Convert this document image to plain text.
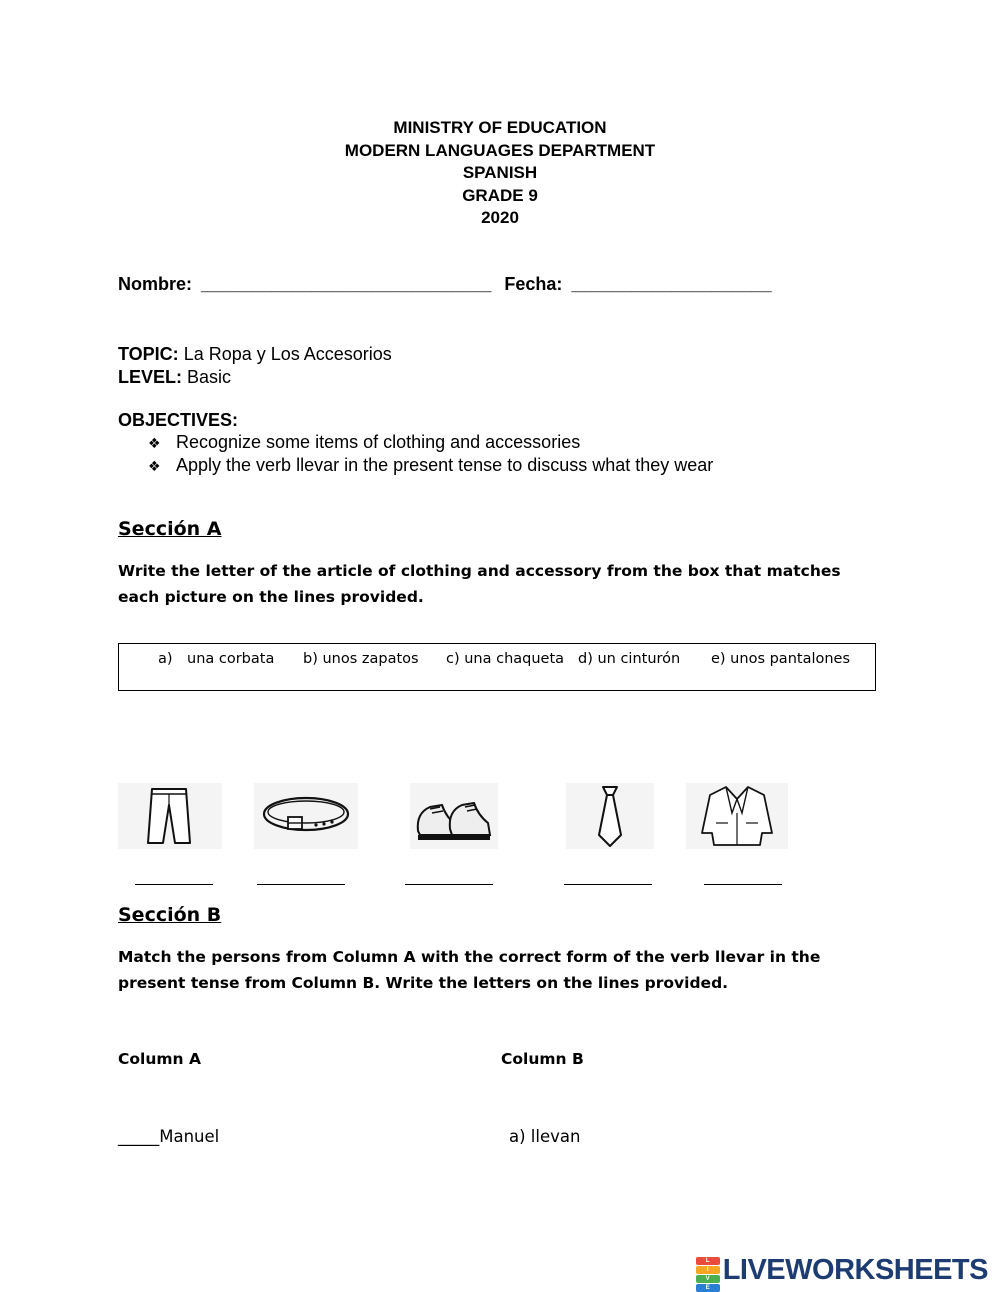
MINISTRY OF EDUCATION
MODERN LANGUAGES DEPARTMENT
SPANISH
GRADE 9
2020
Nombre: _____________________________ Fecha: ____________________
TOPIC: La Ropa y Los Accesorios
LEVEL: Basic
OBJECTIVES:
❖ Recognize some items of clothing and accessories
❖ Apply the verb llevar in the present tense to discuss what they wear
Sección A
Write the letter of the article of clothing and accessory from the box that matches each picture on the lines provided.
a) una corbata b) unos zapatos c) una chaqueta d) un cinturón e) unos pantalones
Sección B
Match the persons from Column A with the correct form of the verb llevar in the present tense from Column B. Write the letters on the lines provided.
Column A	Column B
_____Manuel	a) llevan
L
I
V
E
LIVEWORKSHEETS
